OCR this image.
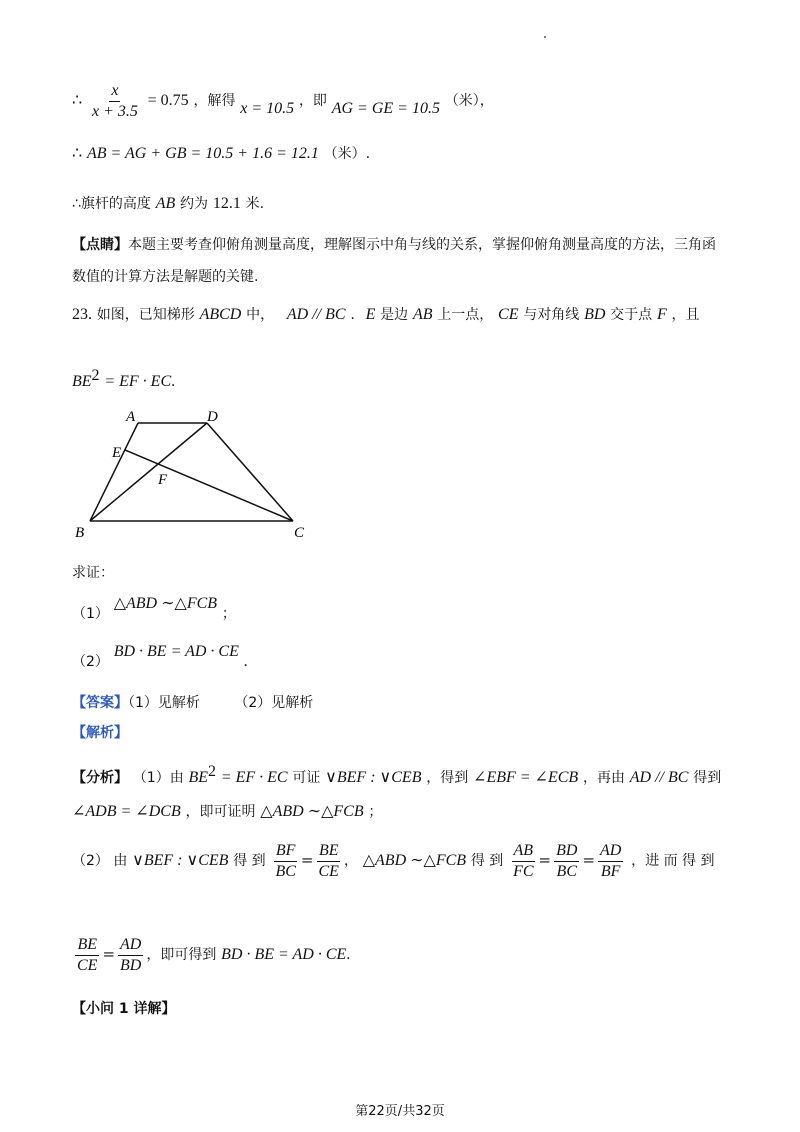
∴ $\frac{x}{x + 3.5} = 0.75$ ，解得 x = 10.5 ，即 AG = GE = 10.5 （米），
∴ AB = AG + GB = 10.5 + 1.6 = 12.1 （米）.
∴旗杆的高度 AB 约为 12.1 米.
【点睛】本题主要考查仰俯角测量高度，理解图示中角与线的关系，掌握仰俯角测量高度的方法，三角函
数值的计算方法是解题的关键.
23. 如图，已知梯形 ABCD 中， AD // BC . E 是边 AB 上一点， CE 与对角线 BD 交于点 F ，且
$BE^2$ = EF · EC.
A	D
E
F
B	C
求证：
（1） △ABD ∼△FCB ；
（2） BD · BE = AD · CE .
【答案】（1）见解析 （2）见解析
【解析】
【分析】 （1）由 $BE^2$ = EF · EC 可证 ∨BEF : ∨CEB ，得到 ∠EBF = ∠ECB ，再由 AD // BC 得到
∠ADB = ∠DCB ，即可证明 △ABD ∼△FCB ；
（2） 由 ∨BEF : ∨CEB 得 到 $\frac{BF}{BC} = \frac{BE}{CE}$ ， △ABD ∼△FCB 得 到 $\frac{AB}{FC} = \frac{BD}{BC} = \frac{AD}{BF}$ ，进 而 得 到
$\frac{BE}{CE} = \frac{AD}{BD}$ ，即可得到 BD · BE = AD · CE.
【小问 1 详解】
第22页/共32页
